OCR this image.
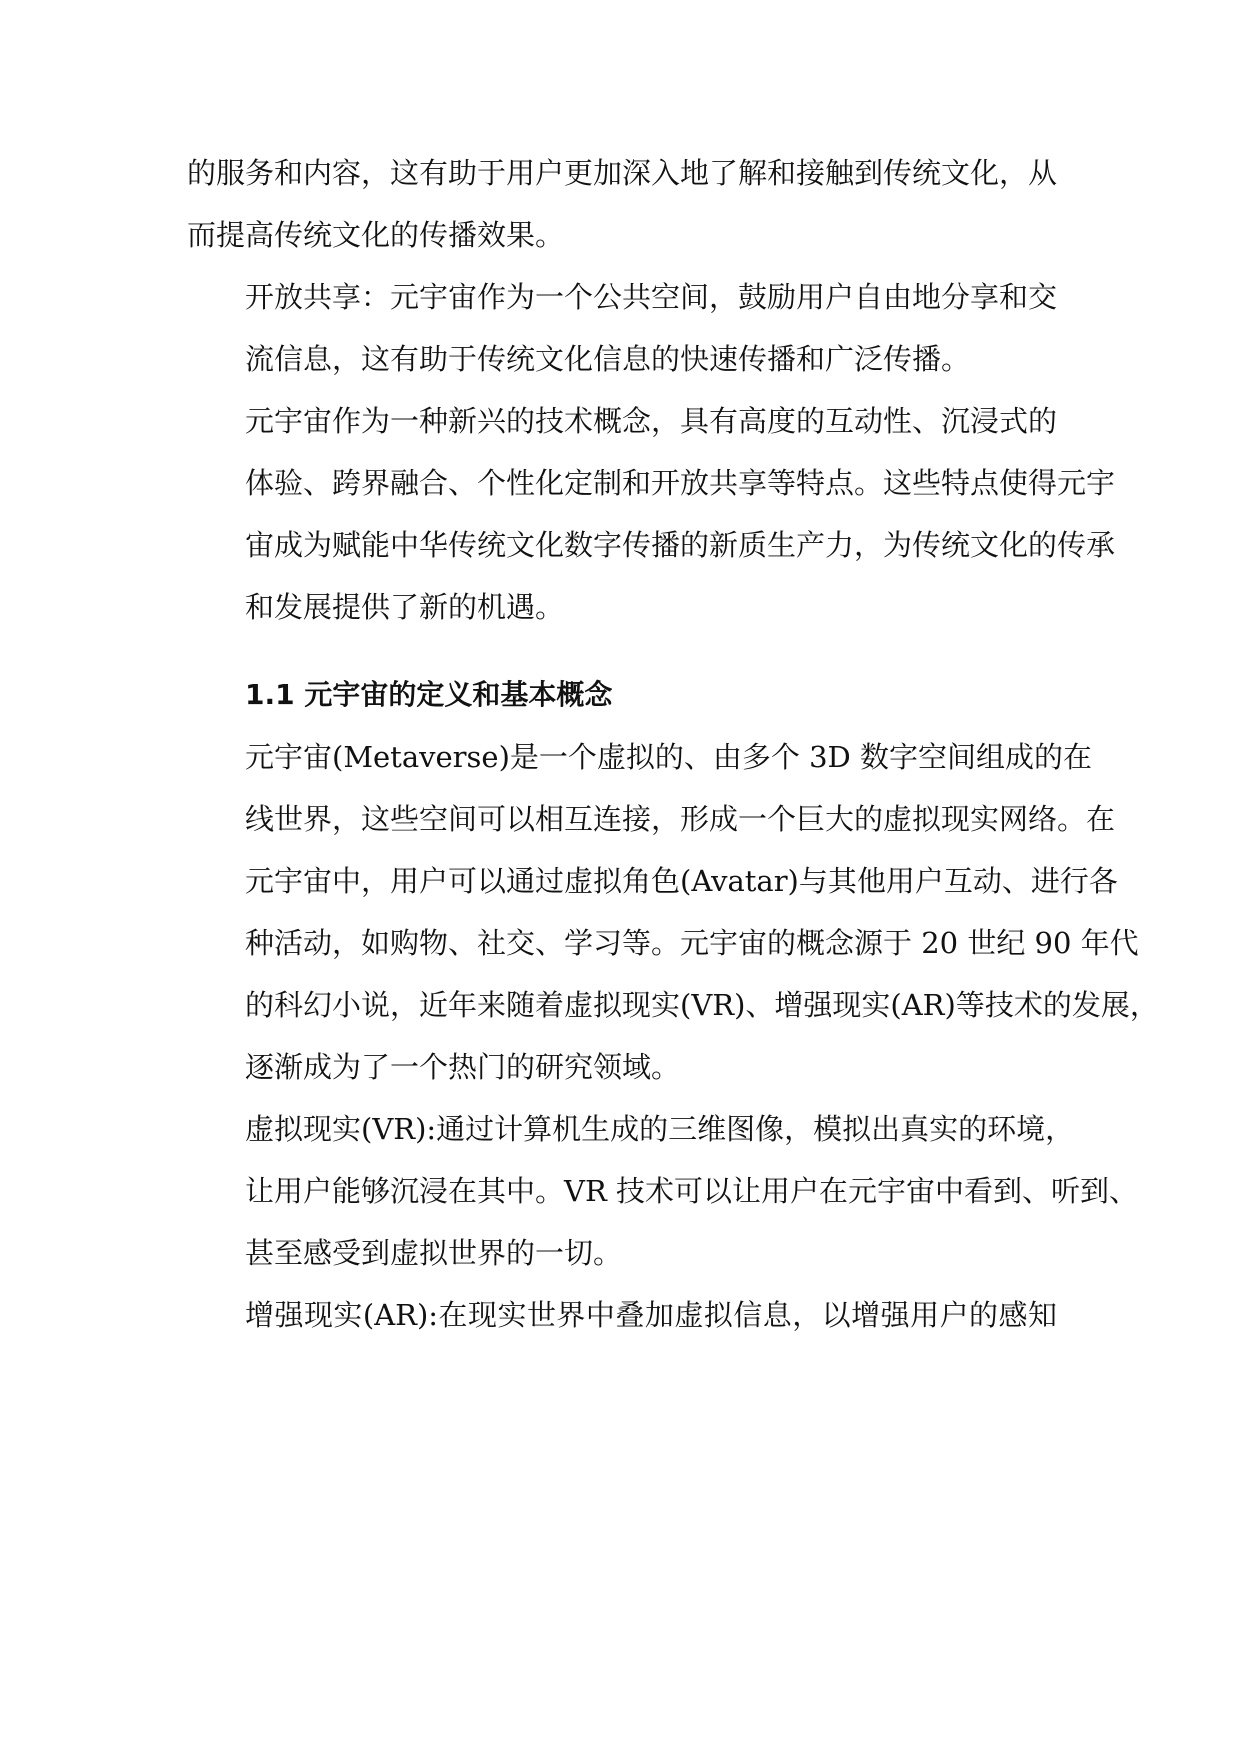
的服务和内容，这有助于用户更加深入地了解和接触到传统文化，从
而提高传统文化的传播效果。

开放共享：元宇宙作为一个公共空间，鼓励用户自由地分享和交
流信息，这有助于传统文化信息的快速传播和广泛传播。

元宇宙作为一种新兴的技术概念，具有高度的互动性、沉浸式的
体验、跨界融合、个性化定制和开放共享等特点。这些特点使得元宇
宙成为赋能中华传统文化数字传播的新质生产力，为传统文化的传承
和发展提供了新的机遇。

1.1 元宇宙的定义和基本概念

元宇宙(Metaverse)是一个虚拟的、由多个 3D 数字空间组成的在
线世界，这些空间可以相互连接，形成一个巨大的虚拟现实网络。在
元宇宙中，用户可以通过虚拟角色(Avatar)与其他用户互动、进行各
种活动，如购物、社交、学习等。元宇宙的概念源于 20 世纪 90 年代
的科幻小说，近年来随着虚拟现实(VR)、增强现实(AR)等技术的发展，
逐渐成为了一个热门的研究领域。

虚拟现实(VR):通过计算机生成的三维图像，模拟出真实的环境，
让用户能够沉浸在其中。VR 技术可以让用户在元宇宙中看到、听到、
甚至感受到虚拟世界的一切。

增强现实(AR):在现实世界中叠加虚拟信息，以增强用户的感知
